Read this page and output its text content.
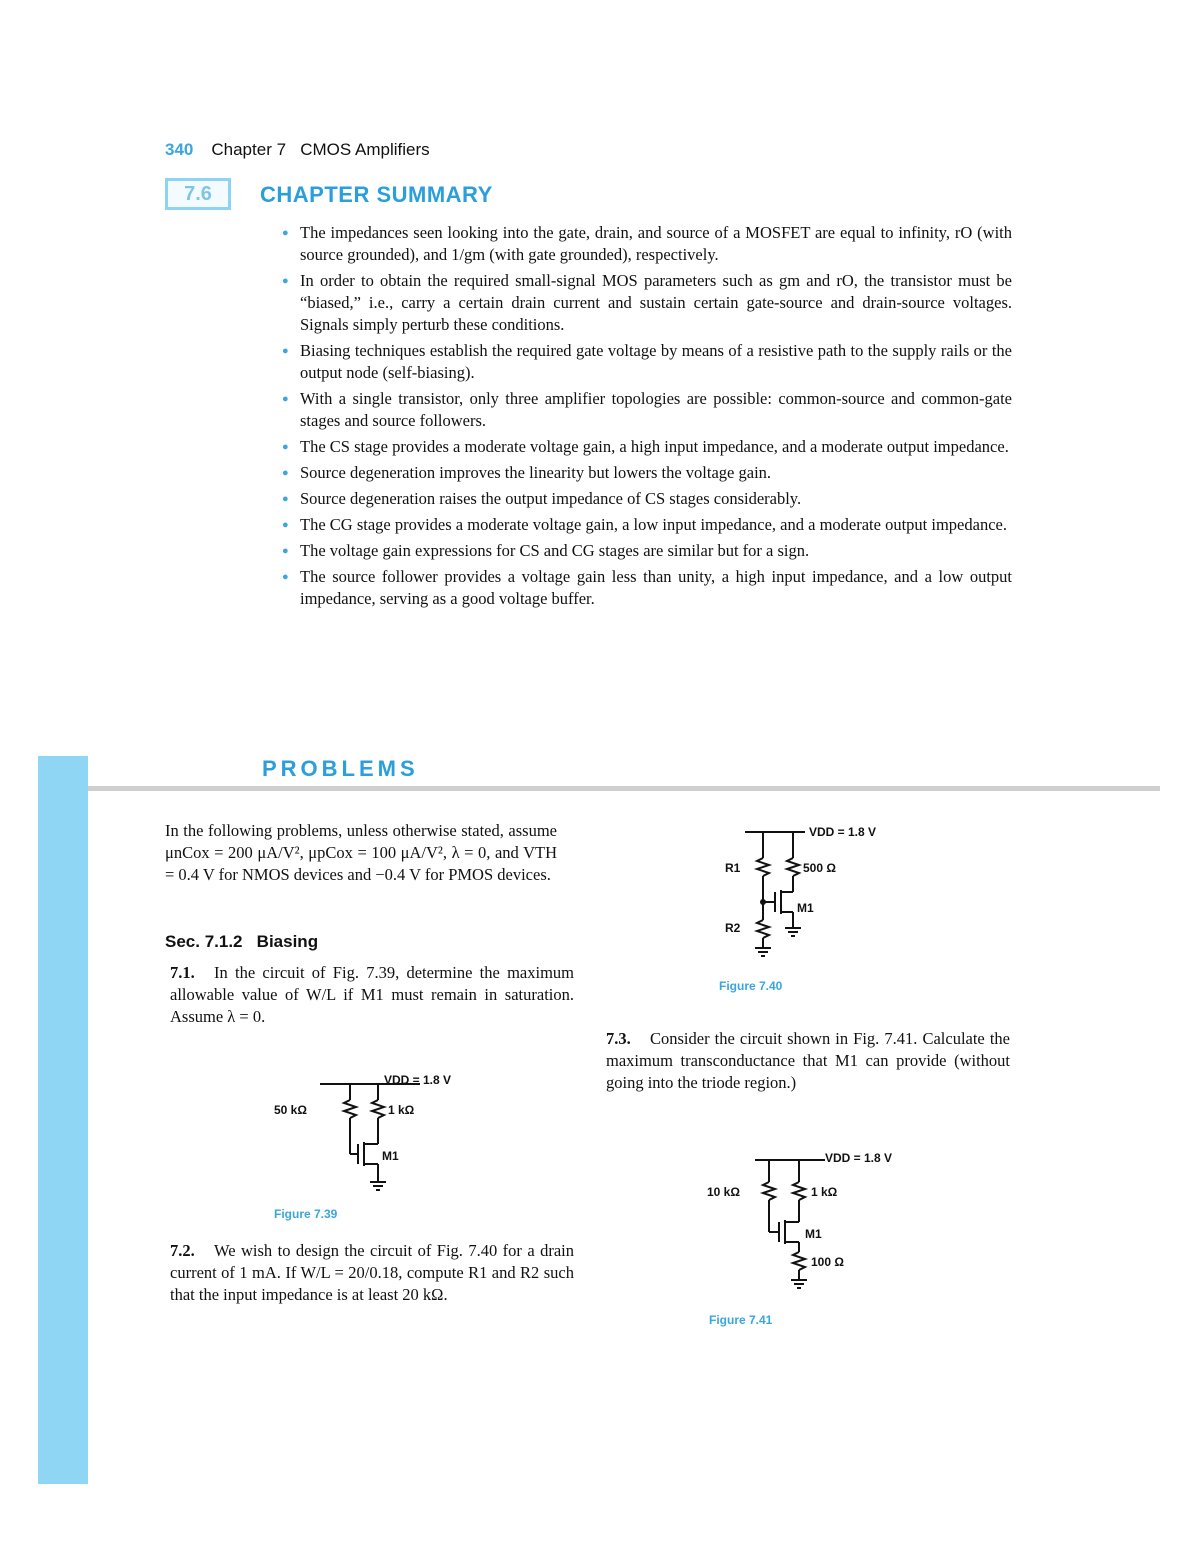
340 Chapter 7   CMOS Amplifiers
7.6	CHAPTER SUMMARY
● The impedances seen looking into the gate, drain, and source of a MOSFET are equal to infinity, rO (with source grounded), and 1/gm (with gate grounded), respectively.
● In order to obtain the required small-signal MOS parameters such as gm and rO, the transistor must be “biased,” i.e., carry a certain drain current and sustain certain gate-source and drain-source voltages. Signals simply perturb these conditions.
● Biasing techniques establish the required gate voltage by means of a resistive path to the supply rails or the output node (self-biasing).
● With a single transistor, only three amplifier topologies are possible: common-source and common-gate stages and source followers.
● The CS stage provides a moderate voltage gain, a high input impedance, and a moderate output impedance.
● Source degeneration improves the linearity but lowers the voltage gain.
● Source degeneration raises the output impedance of CS stages considerably.
● The CG stage provides a moderate voltage gain, a low input impedance, and a moderate output impedance.
● The voltage gain expressions for CS and CG stages are similar but for a sign.
● The source follower provides a voltage gain less than unity, a high input impedance, and a low output impedance, serving as a good voltage buffer.
PROBLEMS
In the following problems, unless otherwise stated, assume μnCox = 200 μA/V², μpCox = 100 μA/V², λ = 0, and VTH = 0.4 V for NMOS devices and −0.4 V for PMOS devices.
Sec. 7.1.2   Biasing
7.1. In the circuit of Fig. 7.39, determine the maximum allowable value of W/L if M1 must remain in saturation. Assume λ = 0.
7.2. We wish to design the circuit of Fig. 7.40 for a drain current of 1 mA. If W/L = 20/0.18, compute R1 and R2 such that the input impedance is at least 20 kΩ.
7.3. Consider the circuit shown in Fig. 7.41. Calculate the maximum transconductance that M1 can provide (without going into the triode region.)
VDD = 1.8 V
50 kΩ	1 kΩ
M1
Figure 7.39
VDD = 1.8 V
R1	500 Ω
R2
M1
Figure 7.40
VDD = 1.8 V
10 kΩ	1 kΩ
M1
100 Ω
Figure 7.41
